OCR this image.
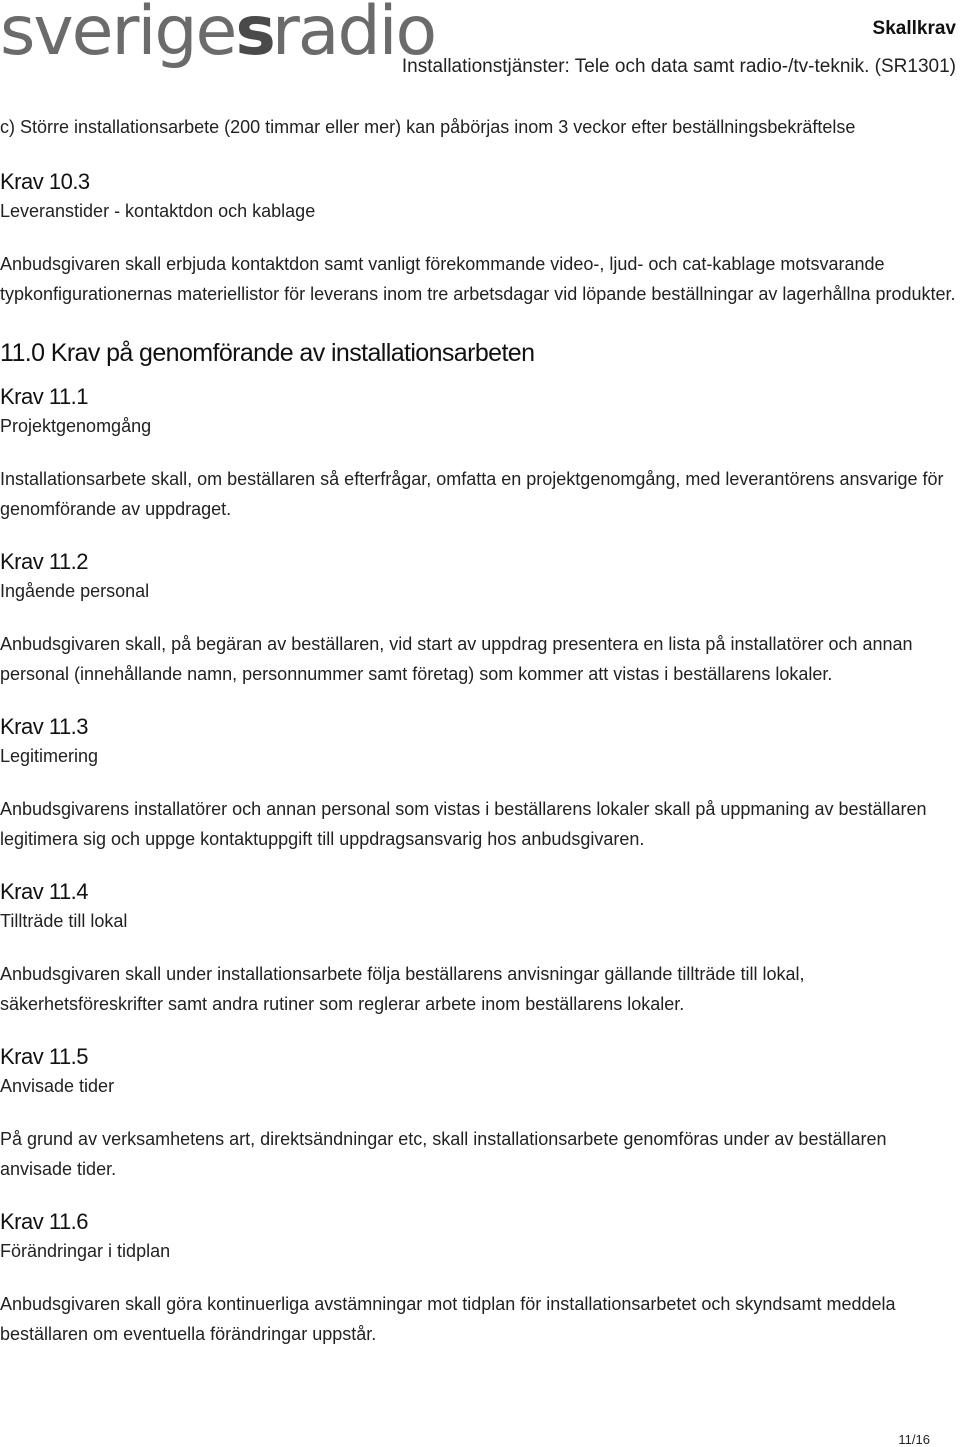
sverigesradio	Skallkrav
Installationstjänster: Tele och data samt radio-/tv-teknik. (SR1301)

c) Större installationsarbete (200 timmar eller mer) kan påbörjas inom 3 veckor efter beställningsbekräftelse

Krav 10.3
Leveranstider - kontaktdon och kablage

Anbudsgivaren skall erbjuda kontaktdon samt vanligt förekommande video-, ljud- och cat-kablage motsvarande typkonfigurationernas materiellistor för leverans inom tre arbetsdagar vid löpande beställningar av lagerhållna produkter.

11.0 Krav på genomförande av installationsarbeten
Krav 11.1
Projektgenomgång

Installationsarbete skall, om beställaren så efterfrågar, omfatta en projektgenomgång, med leverantörens ansvarige för genomförande av uppdraget.

Krav 11.2
Ingående personal

Anbudsgivaren skall, på begäran av beställaren, vid start av uppdrag presentera en lista på installatörer och annan personal (innehållande namn, personnummer samt företag) som kommer att vistas i beställarens lokaler.

Krav 11.3
Legitimering

Anbudsgivarens installatörer och annan personal som vistas i beställarens lokaler skall på uppmaning av beställaren legitimera sig och uppge kontaktuppgift till uppdragsansvarig hos anbudsgivaren.

Krav 11.4
Tillträde till lokal

Anbudsgivaren skall under installationsarbete följa beställarens anvisningar gällande tillträde till lokal, säkerhetsföreskrifter samt andra rutiner som reglerar arbete inom beställarens lokaler.

Krav 11.5
Anvisade tider

På grund av verksamhetens art, direktsändningar etc, skall installationsarbete genomföras under av beställaren anvisade tider.

Krav 11.6
Förändringar i tidplan

Anbudsgivaren skall göra kontinuerliga avstämningar mot tidplan för installationsarbetet och skyndsamt meddela beställaren om eventuella förändringar uppstår.

11/16
